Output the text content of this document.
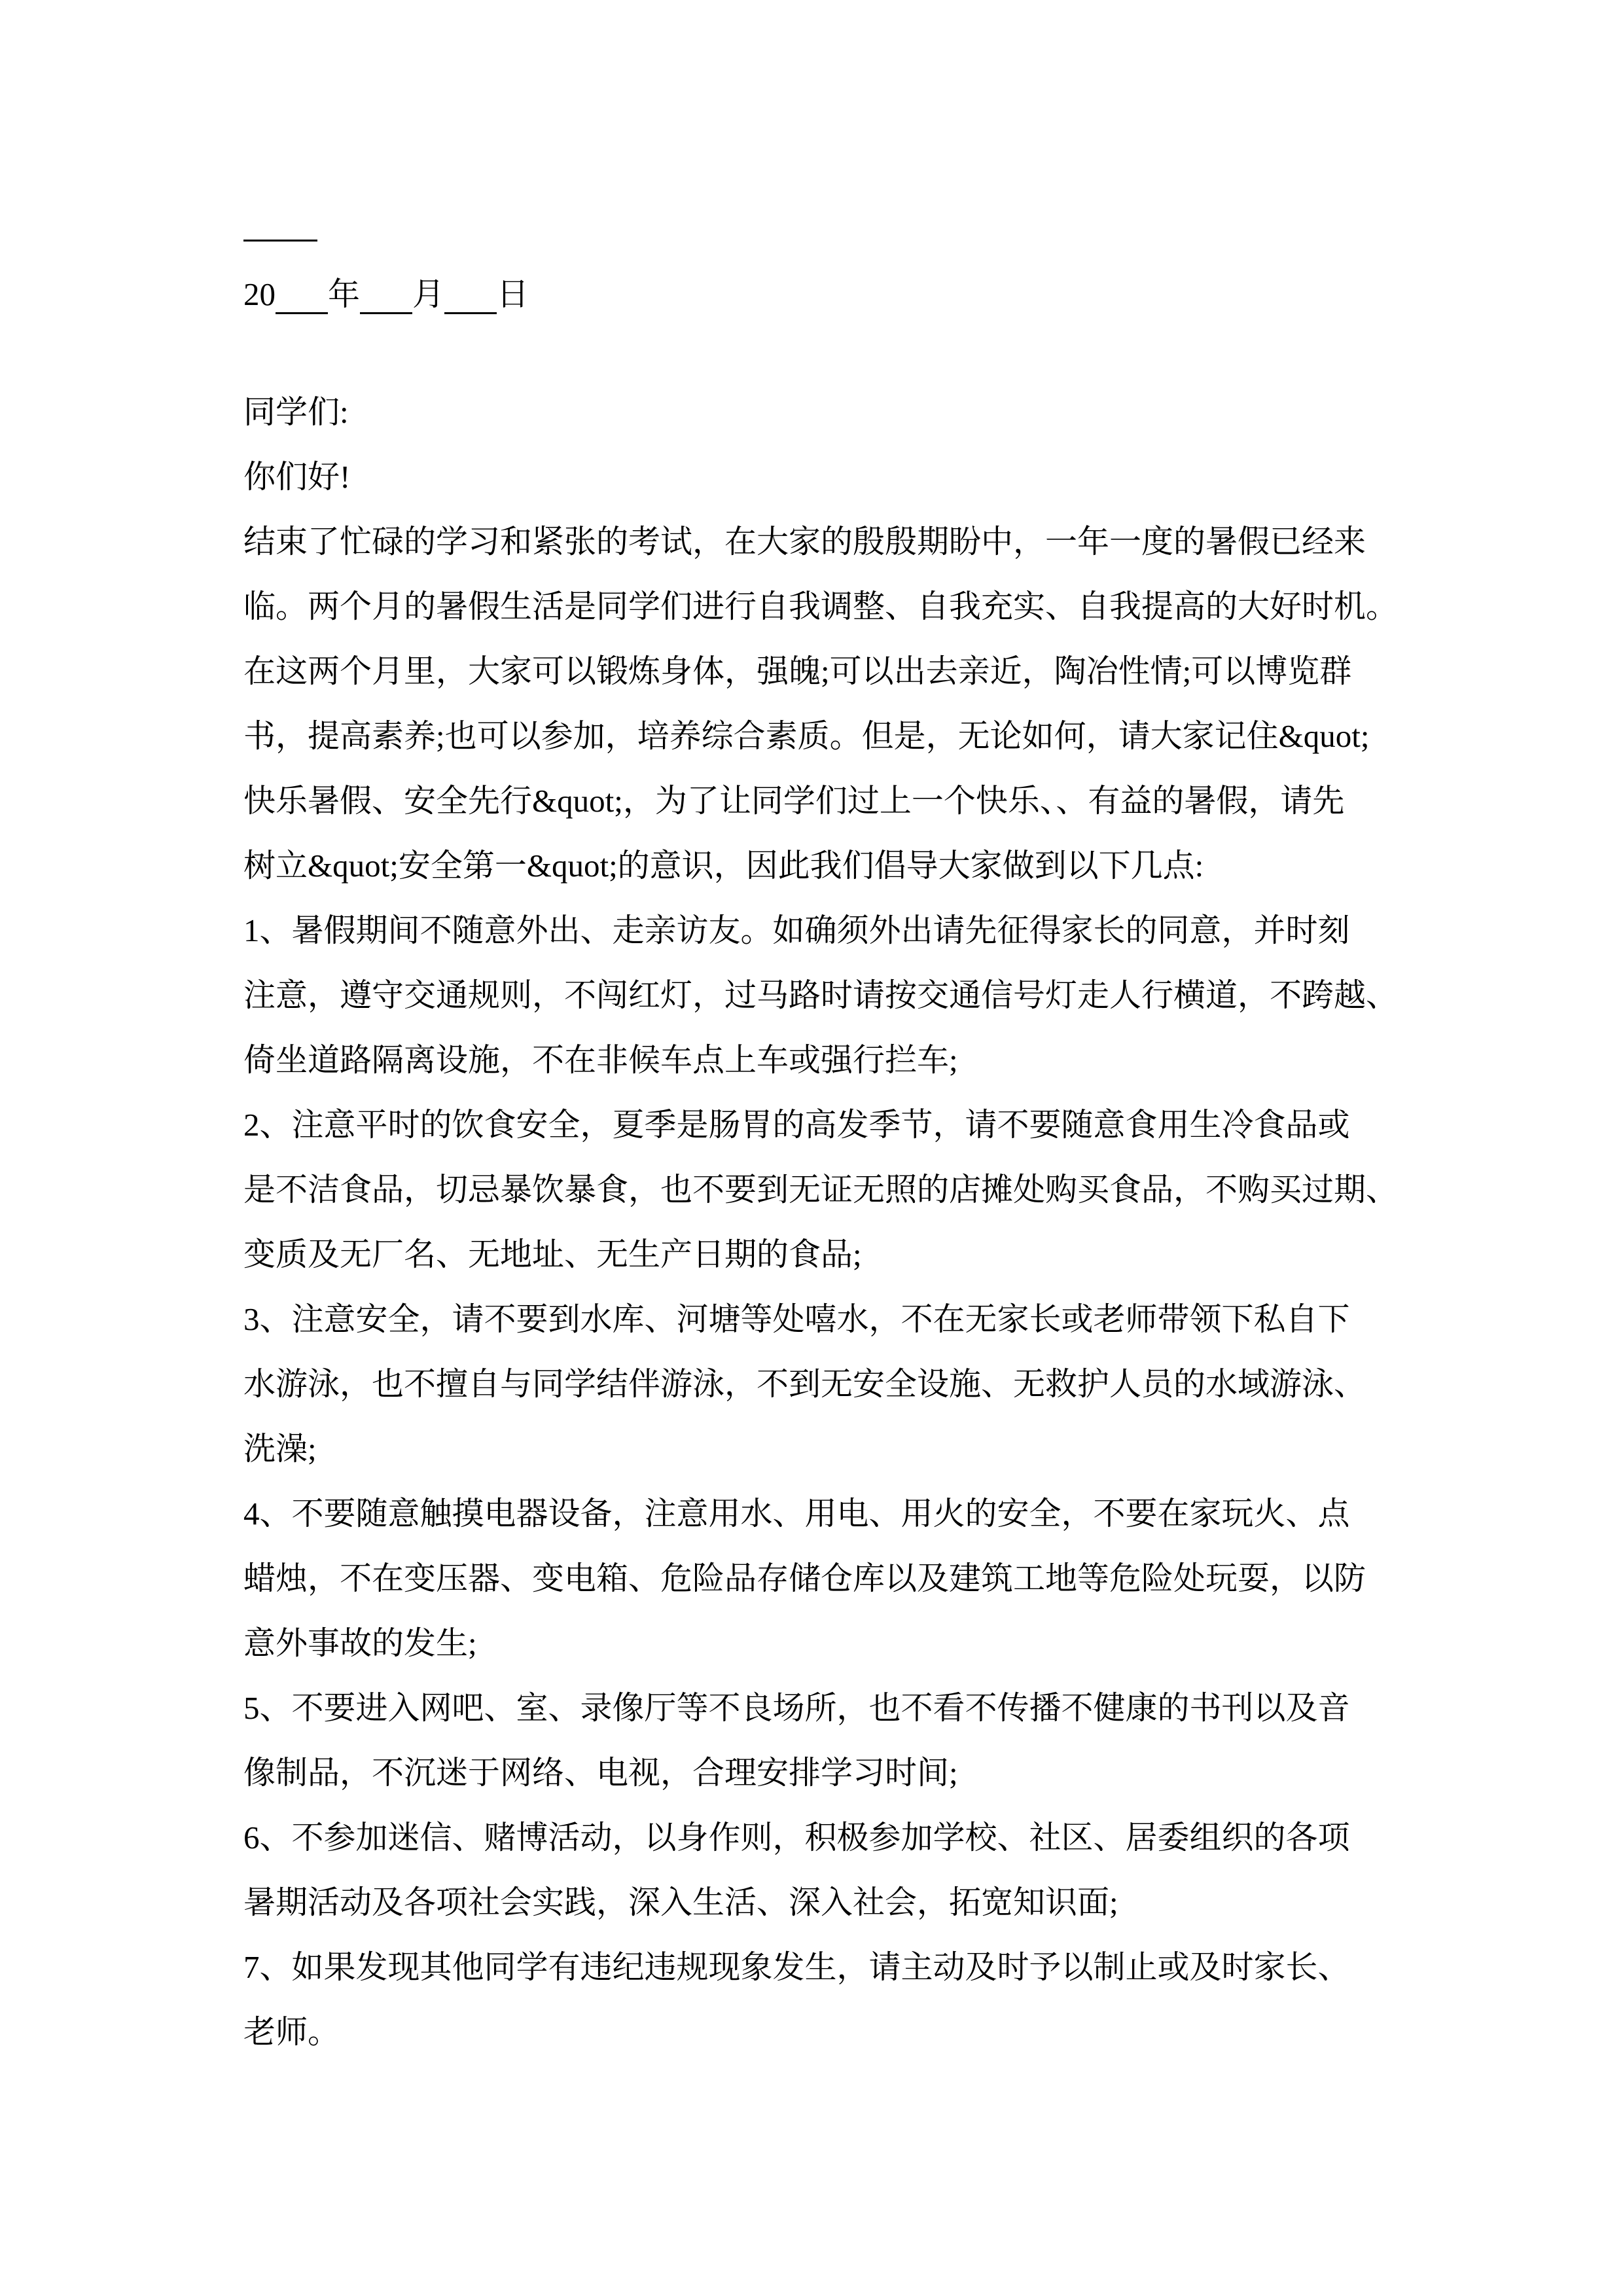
20 年 月 日
同学们:
你们好!
结束了忙碌的学习和紧张的考试，在大家的殷殷期盼中，一年一度的暑假已经来
临。两个月的暑假生活是同学们进行自我调整、自我充实、自我提高的大好时机。
在这两个月里，大家可以锻炼身体，强魄;可以出去亲近，陶冶性情;可以博览群
书，提高素养;也可以参加，培养综合素质。但是，无论如何，请大家记住&quot;
快乐暑假、安全先行&quot;，为了让同学们过上一个快乐、、有益的暑假，请先
树立&quot;安全第一&quot;的意识，因此我们倡导大家做到以下几点:
1、暑假期间不随意外出、走亲访友。如确须外出请先征得家长的同意，并时刻
注意，遵守交通规则，不闯红灯，过马路时请按交通信号灯走人行横道，不跨越、
倚坐道路隔离设施，不在非候车点上车或强行拦车;
2、注意平时的饮食安全，夏季是肠胃的高发季节，请不要随意食用生冷食品或
是不洁食品，切忌暴饮暴食，也不要到无证无照的店摊处购买食品，不购买过期、
变质及无厂名、无地址、无生产日期的食品;
3、注意安全，请不要到水库、河塘等处嘻水，不在无家长或老师带领下私自下
水游泳，也不擅自与同学结伴游泳，不到无安全设施、无救护人员的水域游泳、
洗澡;
4、不要随意触摸电器设备，注意用水、用电、用火的安全，不要在家玩火、点
蜡烛，不在变压器、变电箱、危险品存储仓库以及建筑工地等危险处玩耍，以防
意外事故的发生;
5、不要进入网吧、室、录像厅等不良场所，也不看不传播不健康的书刊以及音
像制品，不沉迷于网络、电视，合理安排学习时间;
6、不参加迷信、赌博活动，以身作则，积极参加学校、社区、居委组织的各项
暑期活动及各项社会实践，深入生活、深入社会，拓宽知识面;
7、如果发现其他同学有违纪违规现象发生，请主动及时予以制止或及时家长、
老师。
